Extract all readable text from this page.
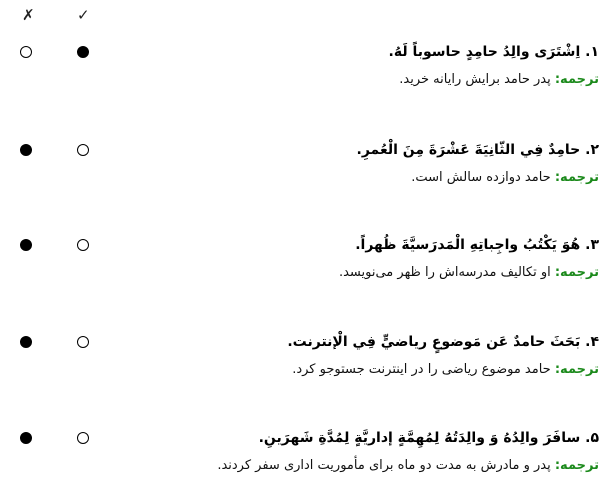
✗	✓
۱. اِشْتَرَی والِدُ حامِدٍ حاسوباً لَهُ.
ترجمه: پدر حامد برایش رایانه خرید.
۲. حامِدٌ فِي الثّانِيَةَ عَشْرَةَ مِنَ الْعُمرِ.
ترجمه: حامد دوازده سالش است.
۳. هُوَ يَكْتُبُ واجِباتِهِ الْمَدرَسيَّةَ ظُهراً.
ترجمه: او تکالیف مدرسه‌اش را ظهر می‌نویسد.
۴. بَحَثَ حامدٌ عَن مَوضوعٍ رياضيٍّ فِي الْإنترنت.
ترجمه: حامد موضوع ریاضی را در اینترنت جستوجو کرد.
۵. سافَرَ والِدُهُ وَ والِدَتُهُ لِمُهِمَّةٍ إداريَّةٍ لِمُدَّةِ شَهرَينِ.
ترجمه: پدر و مادرش به مدت دو ماه برای مأموریت اداری سفر کردند.
